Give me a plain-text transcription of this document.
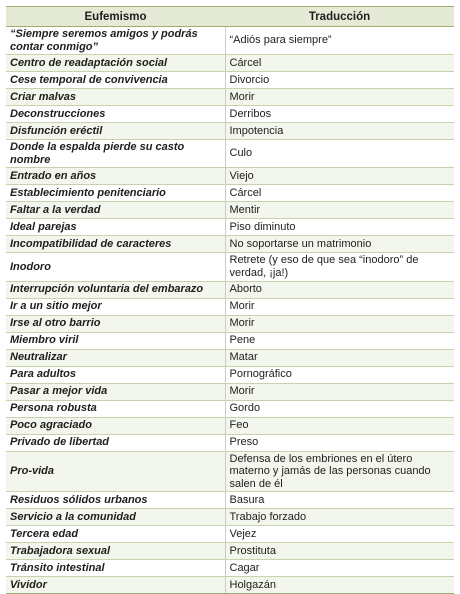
Eufemismo	Traducción
“Siempre seremos amigos y podrás contar conmigo”	“Adiós para siempre”
Centro de readaptación social	Cárcel
Cese temporal de convivencia	Divorcio
Criar malvas	Morir
Deconstrucciones	Derribos
Disfunción eréctil	Impotencia
Donde la espalda pierde su casto nombre	Culo
Entrado en años	Viejo
Establecimiento penitenciario	Cárcel
Faltar a la verdad	Mentir
Ideal parejas	Piso diminuto
Incompatibilidad de caracteres	No soportarse un matrimonio
Inodoro	Retrete (y eso de que sea “inodoro” de verdad, ¡ja!)
Interrupción voluntaria del embarazo	Aborto
Ir a un sitio mejor	Morir
Irse al otro barrio	Morir
Miembro viril	Pene
Neutralizar	Matar
Para adultos	Pornográfico
Pasar a mejor vida	Morir
Persona robusta	Gordo
Poco agraciado	Feo
Privado de libertad	Preso
Pro-vida	Defensa de los embriones en el útero materno y jamás de las personas cuando salen de él
Residuos sólidos urbanos	Basura
Servicio a la comunidad	Trabajo forzado
Tercera edad	Vejez
Trabajadora sexual	Prostituta
Tránsito intestinal	Cagar
Vividor	Holgazán
